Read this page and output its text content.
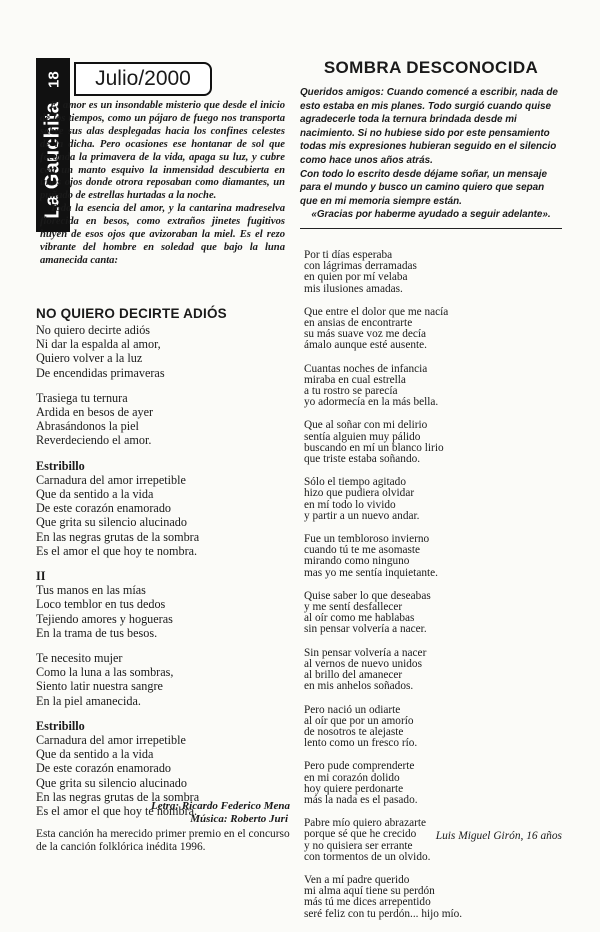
La Gauchita
18	Julio/2000

El amor es un insondable misterio que desde el inicio de los tiempos, como un pájaro de fuego nos transporta sobre sus alas desplegadas hacia los confines celestes de la dicha. Pero ocasiones ese hontanar de sol que fecunda la primavera de la vida, apaga su luz, y cubre con un manto esquivo la inmensidad descubierta en unos ojos donde otrora reposaban como diamantes, un puñado de estrellas hurtadas a la noche.

Toda la esencia del amor, y la cantarina madreselva florecida en besos, como extraños jinetes fugitivos huyen de esos ojos que avizoraban la miel. Es el rezo vibrante del hombre en soledad que bajo la luna amanecida canta:

NO QUIERO DECIRTE ADIÓS
No quiero decirte adiós
Ni dar la espalda al amor,
Quiero volver a la luz
De encendidas primaveras
Trasiega tu ternura
Ardida en besos de ayer
Abrasándonos la piel
Reverdeciendo el amor.
Estribillo
Carnadura del amor irrepetible
Que da sentido a la vida
De este corazón enamorado
Que grita su silencio alucinado
En las negras grutas de la sombra
Es el amor el que hoy te nombra.
II
Tus manos en las mías
Loco temblor en tus dedos
Tejiendo amores y hogueras
En la trama de tus besos.
Te necesito mujer
Como la luna a las sombras,
Siento latir nuestra sangre
En la piel amanecida.
Estribillo
Carnadura del amor irrepetible
Que da sentido a la vida
De este corazón enamorado
Que grita su silencio alucinado
En las negras grutas de la sombra
Es el amor el que hoy te nombra.
Letra: Ricardo Federico Mena
Música: Roberto Juri
Esta canción ha merecido primer premio en el concurso de la canción folklórica inédita 1996.
SOMBRA DESCONOCIDA

Queridos amigos: Cuando comencé a escribir, nada de esto estaba en mis planes. Todo surgió cuando quise agradecerle toda la ternura brindada desde mi nacimiento. Si no hubiese sido por este pensamiento todas mis expresiones hubieran seguido en el silencio como hace unos años atrás.

Con todo lo escrito desde déjame soñar, un mensaje para el mundo y busco un camino quiero que sepan que en mi memoria siempre están.

«Gracias por haberme ayudado a seguir adelante».

Por ti días esperaba
con lágrimas derramadas
en quien por mí velaba
mis ilusiones amadas.
Que entre el dolor que me nacía
en ansias de encontrarte
su más suave voz me decía
ámalo aunque esté ausente.
Cuantas noches de infancia
miraba en cual estrella
a tu rostro se parecía
yo adormecía en la más bella.
Que al soñar con mi delirio
sentía alguien muy pálido
buscando en mí un blanco lirio
que triste estaba soñando.
Sólo el tiempo agitado
hizo que pudiera olvidar
en mí todo lo vivido
y partir a un nuevo andar.
Fue un tembloroso invierno
cuando tú te me asomaste
mirando como ninguno
mas yo me sentía inquietante.
Quise saber lo que deseabas
y me sentí desfallecer
al oír como me hablabas
sin pensar volvería a nacer.
Sin pensar volvería a nacer
al vernos de nuevo unidos
al brillo del amanecer
en mis anhelos soñados.
Pero nació un odiarte
al oír que por un amorío
de nosotros te alejaste
lento como un fresco río.
Pero pude comprenderte
en mi corazón dolido
hoy quiere perdonarte
más la nada es el pasado.
Pabre mío quiero abrazarte
porque sé que he crecido
y no quisiera ser errante
con tormentos de un olvido.
Ven a mí padre querido
mi alma aquí tiene su perdón
más tú me dices arrepentido
seré feliz con tu perdón... hijo mío.
Luis Miguel Girón, 16 años
